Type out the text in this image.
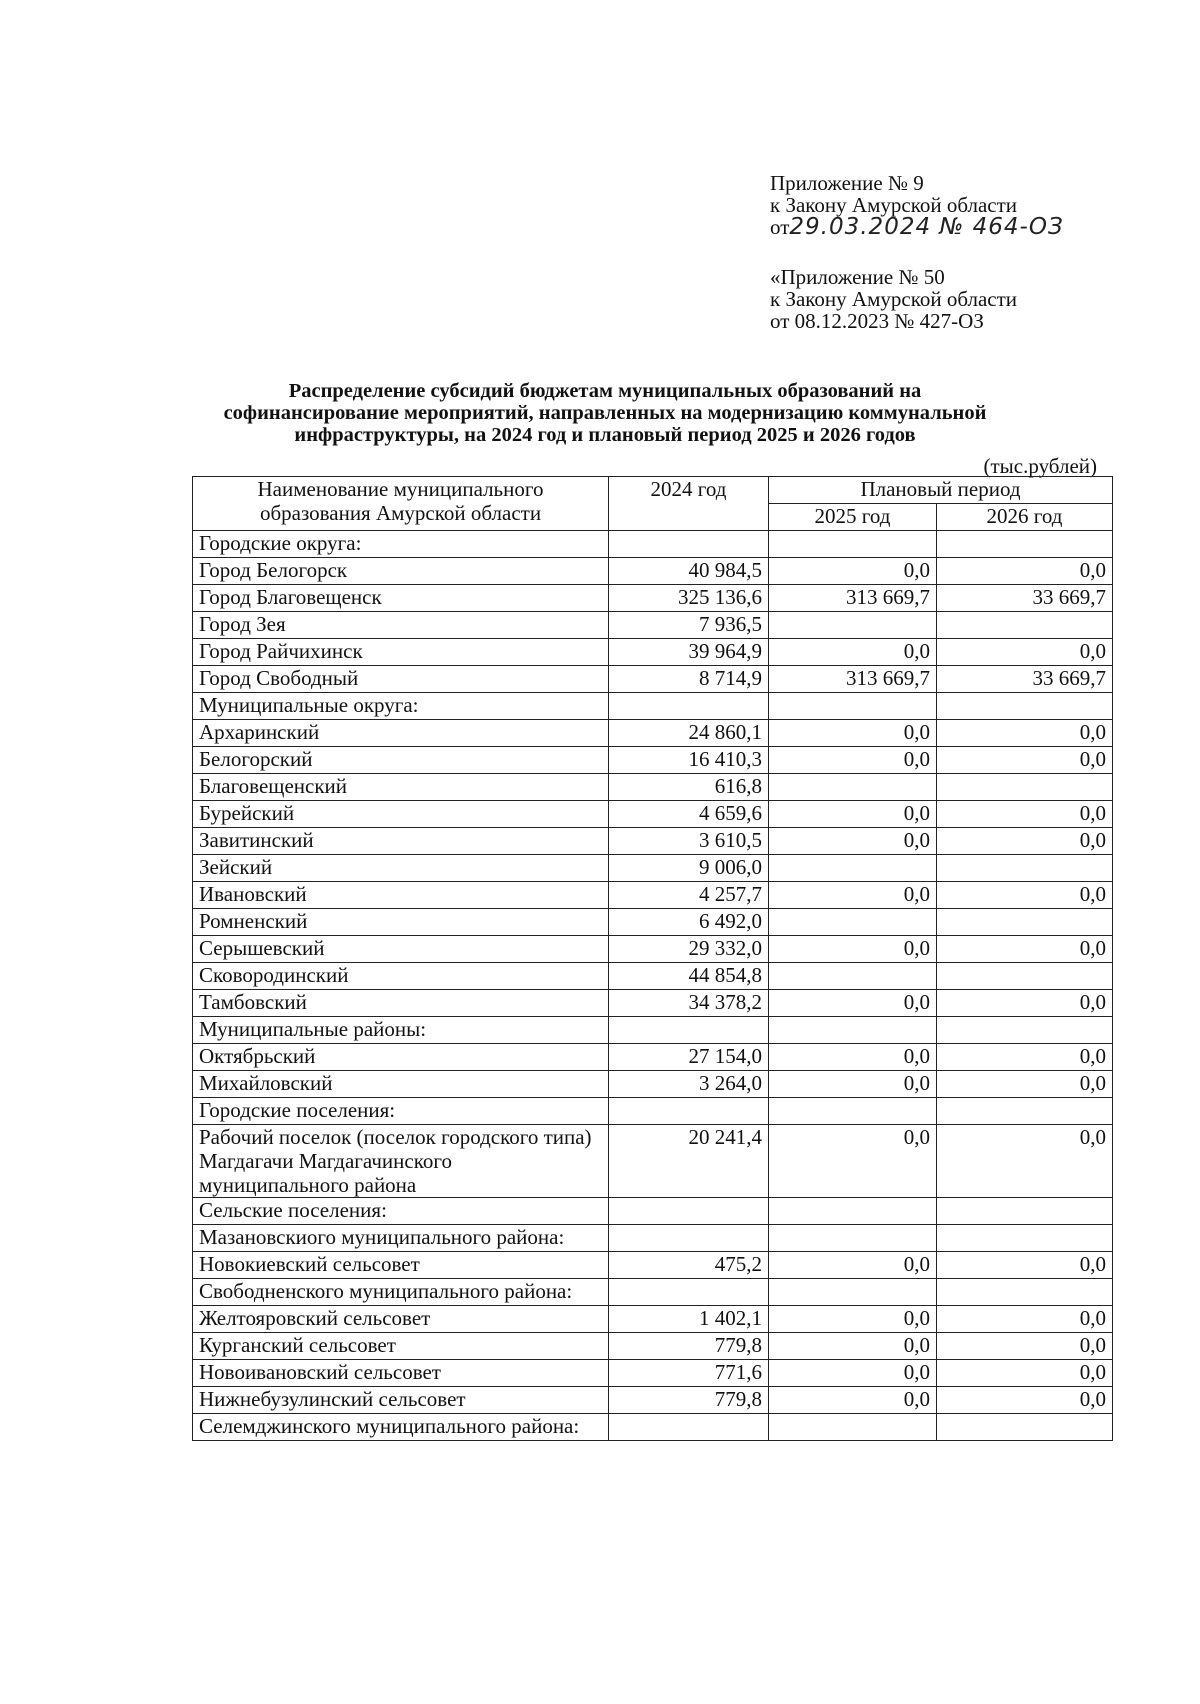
Приложение № 9
к Закону Амурской области
от29.03.2024 № 464-ОЗ
«Приложение № 50
к Закону Амурской области
от 08.12.2023 № 427-ОЗ
Распределение субсидий бюджетам муниципальных образований на
софинансирование мероприятий, направленных на модернизацию коммунальной
инфраструктуры, на 2024 год и плановый период 2025 и 2026 годов
(тыс.рублей)
Наименование муниципального
образования Амурской области	2024 год	Плановый период	
		2025 год	2026 год
Городские округа:			
Город Белогорск	40 984,5	0,0	0,0
Город Благовещенск	325 136,6	313 669,7	33 669,7
Город Зея	7 936,5		
Город Райчихинск	39 964,9	0,0	0,0
Город Свободный	8 714,9	313 669,7	33 669,7
Муниципальные округа:			
Архаринский	24 860,1	0,0	0,0
Белогорский	16 410,3	0,0	0,0
Благовещенский	616,8		
Бурейский	4 659,6	0,0	0,0
Завитинский	3 610,5	0,0	0,0
Зейский	9 006,0		
Ивановский	4 257,7	0,0	0,0
Ромненский	6 492,0		
Серышевский	29 332,0	0,0	0,0
Сковородинский	44 854,8		
Тамбовский	34 378,2	0,0	0,0
Муниципальные районы:			
Октябрьский	27 154,0	0,0	0,0
Михайловский	3 264,0	0,0	0,0
Городские поселения:			
Рабочий поселок (поселок городского типа) Магдагачи Магдагачинского муниципального района	20 241,4	0,0	0,0
Сельские поселения:			
Мазановскиого муниципального района:			
Новокиевский сельсовет	475,2	0,0	0,0
Свободненского муниципального района:			
Желтояровский сельсовет	1 402,1	0,0	0,0
Курганский сельсовет	779,8	0,0	0,0
Новоивановский сельсовет	771,6	0,0	0,0
Нижнебузулинский сельсовет	779,8	0,0	0,0
Селемджинского муниципального района:			
